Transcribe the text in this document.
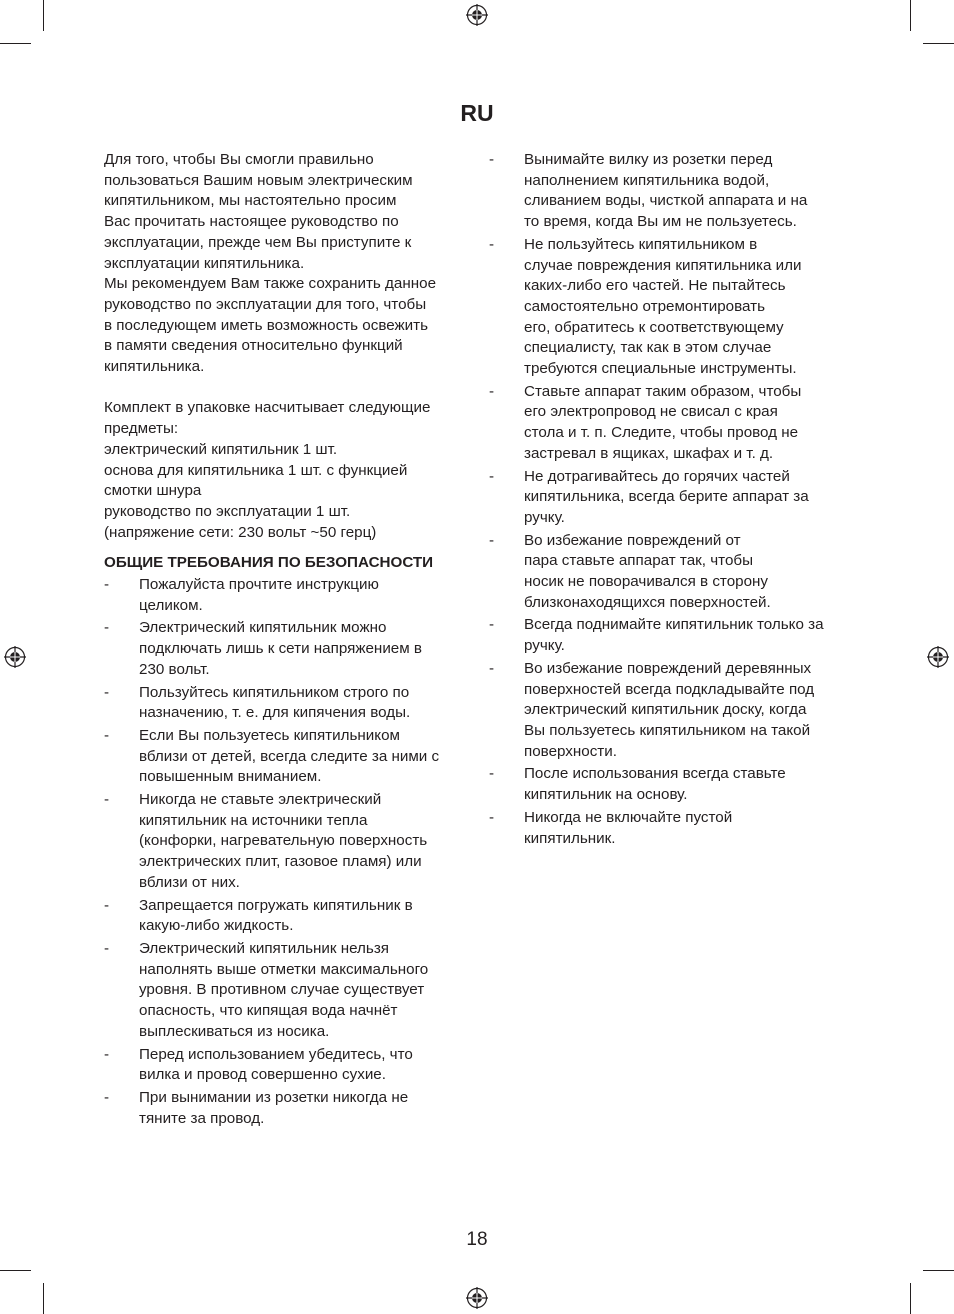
RU

Для того, чтобы Вы смогли правильно
пользоваться Вашим новым электрическим
кипятильником, мы настоятельно просим
Вас прочитать настоящее руководство по
эксплуатации, прежде чем Вы приступите к
эксплуатации кипятильника.
Мы рекомендуем Вам также сохранить данное
руководство по эксплуатации для того, чтобы
в последующем иметь возможность освежить
в памяти сведения относительно функций
кипятильника.

Комплект в упаковке насчитывает следующие
предметы:
электрический кипятильник 1 шт.
основа для кипятильника 1 шт. с функцией
смотки шнура
руководство по эксплуатации 1 шт.
(напряжение сети: 230 вольт ~50 герц)

ОБЩИЕ ТРЕБОВАНИЯ ПО БЕЗОПАСНОСТИ
-	Пожалуйста прочтите инструкцию
целиком.
-	Электрический кипятильник можно
подключать лишь к сети напряжением в
230 вольт.
-	Пользуйтесь кипятильником строго по
назначению, т. е. для кипячения воды.
-	Если Вы пользуетесь кипятильником
вблизи от детей, всегда следите за ними с
повышенным вниманием.
-	Никогда не ставьте электрический
кипятильник на источники тепла
(конфорки, нагревательную поверхность
электрических плит, газовое пламя) или
вблизи от них.
-	Запрещается погружать кипятильник в
какую-либо жидкость.
-	Электрический кипятильник нельзя
наполнять выше отметки максимального
уровня. В противном случае существует
опасность, что кипящая вода начнёт
выплескиваться из носика.
-	Перед использованием убедитесь, что
вилка и провод совершенно сухие.
-	При вынимании из розетки никогда не
тяните за провод.
-	Вынимайте вилку из розетки перед
наполнением кипятильника водой,
сливанием воды, чисткой аппарата и на
то время, когда Вы им не пользуетесь.
-	Не пользуйтесь кипятильником в
случае повреждения кипятильника или
каких-либо его частей. Не пытайтесь
самостоятельно отремонтировать
его, обратитесь к соответствующему
специалисту, так как в этом случае
требуются специальные инструменты.
-	Ставьте аппарат таким образом, чтобы
его электропровод не свисал с края
стола и т. п. Следите, чтобы провод не
застревал в ящиках, шкафах и т. д.
-	Не дотрагивайтесь до горячих частей
кипятильника, всегда берите аппарат за
ручку.
-	Во избежание повреждений от
пара ставьте аппарат так, чтобы
носик не поворачивался в сторону
близконаходящихся поверхностей.
-	Всегда поднимайте кипятильник только за
ручку.
-	Во избежание повреждений деревянных
поверхностей всегда подкладывайте под
электрический кипятильник доску, когда
Вы пользуетесь кипятильником на такой
поверхности.
-	После использования всегда ставьте
кипятильник на основу.
-	Никогда не включайте пустой
кипятильник.
18
